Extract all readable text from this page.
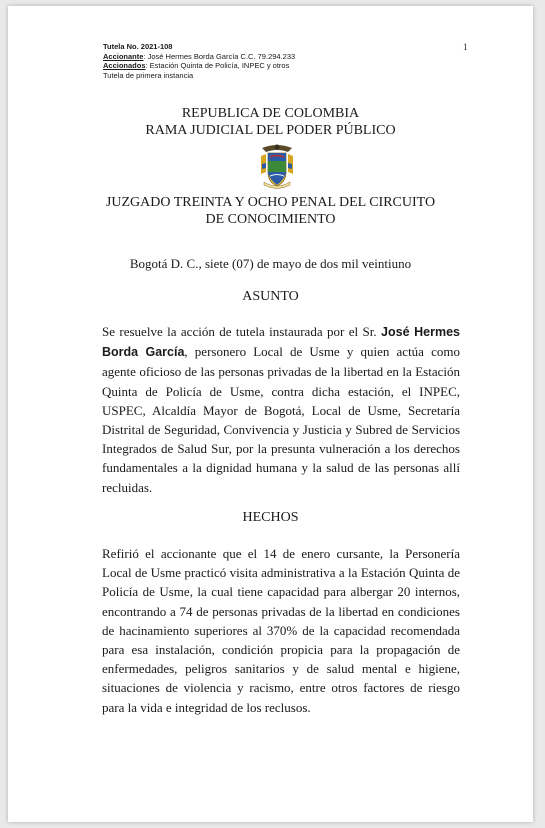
Tutela No. 2021-108
Accionante: José Hermes Borda García C.C. 79.294.233
Accionados: Estación Quinta de Policía, INPEC y otros
Tutela de primera instancia
1
REPUBLICA DE COLOMBIA
RAMA JUDICIAL DEL PODER PÚBLICO
JUZGADO TREINTA Y OCHO PENAL DEL CIRCUITO
DE CONOCIMIENTO
Bogotá D. C., siete (07) de mayo de dos mil veintiuno
ASUNTO
Se resuelve la acción de tutela instaurada por el Sr. José Hermes Borda García, personero Local de Usme y quien actúa como agente oficioso de las personas privadas de la libertad en la Estación Quinta de Policía de Usme, contra dicha estación, el INPEC, USPEC, Alcaldía Mayor de Bogotá, Local de Usme, Secretaría Distrital de Seguridad, Convivencia y Justicia y Subred de Servicios Integrados de Salud Sur, por la presunta vulneración a los derechos fundamentales a la dignidad humana y la salud de las personas allí recluidas.
HECHOS
Refirió el accionante que el 14 de enero cursante, la Personería Local de Usme practicó visita administrativa a la Estación Quinta de Policía de Usme, la cual tiene capacidad para albergar 20 internos, encontrando a 74 de personas privadas de la libertad en condiciones de hacinamiento superiores al 370% de la capacidad recomendada para esa instalación, condición propicia para la propagación de enfermedades, peligros sanitarios y de salud mental e higiene, situaciones de violencia y racismo, entre otros factores de riesgo para la vida e integridad de los reclusos.
